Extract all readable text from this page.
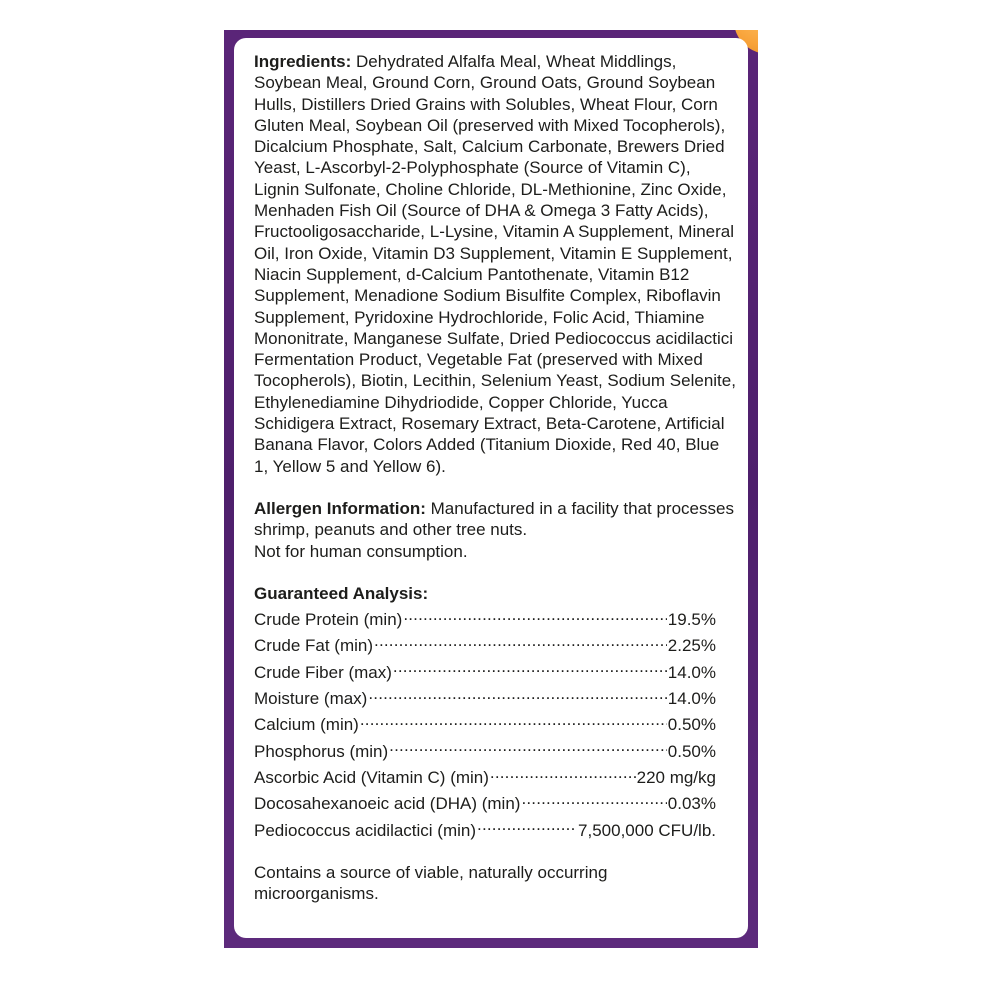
Ingredients: Dehydrated Alfalfa Meal, Wheat Middlings, Soybean Meal, Ground Corn, Ground Oats, Ground Soybean Hulls, Distillers Dried Grains with Solubles, Wheat Flour, Corn Gluten Meal, Soybean Oil (preserved with Mixed Tocopherols), Dicalcium Phosphate, Salt, Calcium Carbonate, Brewers Dried Yeast, L-Ascorbyl-2-Polyphosphate (Source of Vitamin C), Lignin Sulfonate, Choline Chloride, DL-Methionine, Zinc Oxide, Menhaden Fish Oil (Source of DHA & Omega 3 Fatty Acids), Fructooligosaccharide, L-Lysine, Vitamin A Supplement, Mineral Oil, Iron Oxide, Vitamin D3 Supplement, Vitamin E Supplement, Niacin Supplement, d-Calcium Pantothenate, Vitamin B12 Supplement, Menadione Sodium Bisulfite Complex, Riboflavin Supplement, Pyridoxine Hydrochloride, Folic Acid, Thiamine Mononitrate, Manganese Sulfate, Dried Pediococcus acidilactici Fermentation Product, Vegetable Fat (preserved with Mixed Tocopherols), Biotin, Lecithin, Selenium Yeast, Sodium Selenite, Ethylenediamine Dihydriodide, Copper Chloride, Yucca Schidigera Extract, Rosemary Extract, Beta-Carotene, Artificial Banana Flavor, Colors Added (Titanium Dioxide, Red 40, Blue 1, Yellow 5 and Yellow 6).

Allergen Information: Manufactured in a facility that processes shrimp, peanuts and other tree nuts.
Not for human consumption.

Guaranteed Analysis:
Crude Protein (min) .....	19.5%
Crude Fat (min) .....	2.25%
Crude Fiber (max) .....	14.0%
Moisture (max) .....	14.0%
Calcium (min) .....	0.50%
Phosphorus (min) .....	0.50%
Ascorbic Acid (Vitamin C) (min) .....	220 mg/kg
Docosahexanoeic acid (DHA) (min) .....	0.03%
Pediococcus acidilactici (min) .....	7,500,000 CFU/lb.

Contains a source of viable, naturally occurring microorganisms.
